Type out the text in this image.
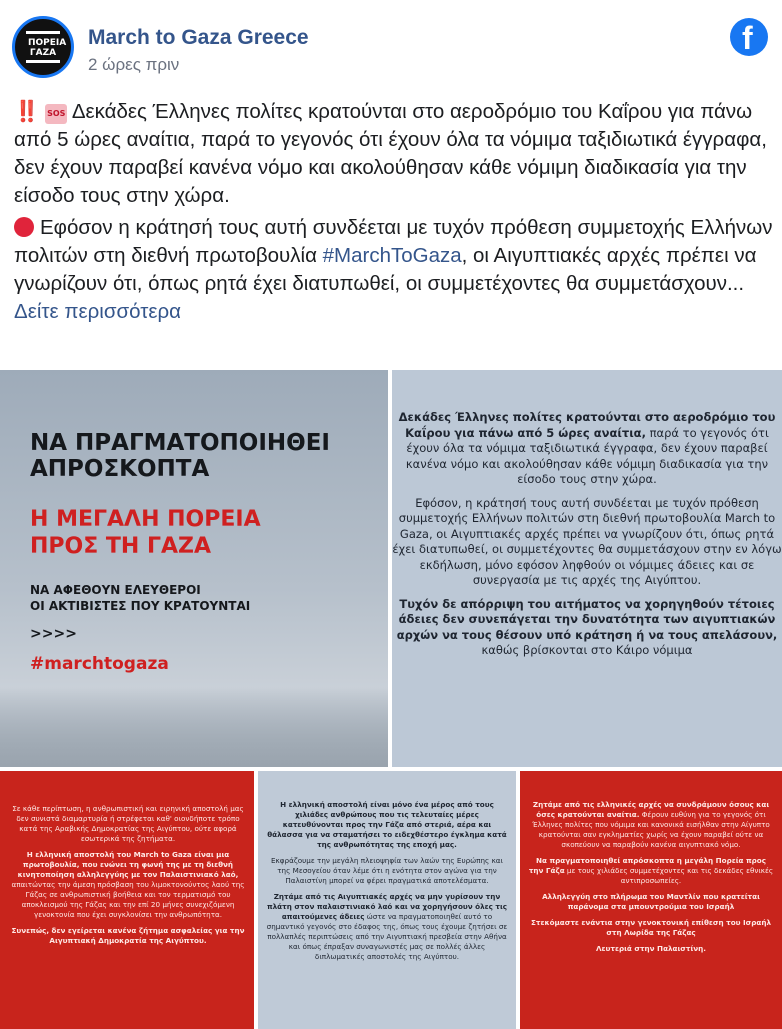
ΠΟΡΕΙΑ ΓΑΖΑ
March to Gaza Greece
2 ώρες πριν
f

‼️ SOS Δεκάδες Έλληνες πολίτες κρατούνται στο αεροδρόμιο του Καΐρου για πάνω από 5 ώρες αναίτια, παρά το γεγονός ότι έχουν όλα τα νόμιμα ταξιδιωτικά έγγραφα, δεν έχουν παραβεί κανένα νόμο και ακολούθησαν κάθε νόμιμη διαδικασία για την είσοδο τους στην χώρα.

Εφόσον η κράτησή τους αυτή συνδέεται με τυχόν πρόθεση συμμετοχής Ελλήνων πολιτών στη διεθνή πρωτοβουλία #MarchToGaza, οι Αιγυπτιακές αρχές πρέπει να γνωρίζουν ότι, όπως ρητά έχει διατυπωθεί, οι συμμετέχοντες θα συμμετάσχουν... Δείτε περισσότερα

ΝΑ ΠΡΑΓΜΑΤΟΠΟΙΗΘΕΙ
ΑΠΡΟΣΚΟΠΤΑ
Η ΜΕΓΑΛΗ ΠΟΡΕΙΑ
ΠΡΟΣ ΤΗ ΓΑΖΑ
ΝΑ ΑΦΕΘΟΥΝ ΕΛΕΥΘΕΡΟΙ
ΟΙ ΑΚΤΙΒΙΣΤΕΣ ΠΟΥ ΚΡΑΤΟΥΝΤΑΙ
>>>>
#marchtogaza

Δεκάδες Έλληνες πολίτες κρατούνται στο αεροδρόμιο του Καΐρου για πάνω από 5 ώρες αναίτια, παρά το γεγονός ότι έχουν όλα τα νόμιμα ταξιδιωτικά έγγραφα, δεν έχουν παραβεί κανένα νόμο και ακολούθησαν κάθε νόμιμη διαδικασία για την είσοδο τους στην χώρα.

Εφόσον, η κράτησή τους αυτή συνδέεται με τυχόν πρόθεση συμμετοχής Ελλήνων πολιτών στη διεθνή πρωτοβουλία March to Gaza, οι Αιγυπτιακές αρχές πρέπει να γνωρίζουν ότι, όπως ρητά έχει διατυπωθεί, οι συμμετέχοντες θα συμμετάσχουν στην εν λόγω εκδήλωση, μόνο εφόσον ληφθούν οι νόμιμες άδειες και σε συνεργασία με τις αρχές της Αιγύπτου.

Τυχόν δε απόρριψη του αιτήματος να χορηγηθούν τέτοιες άδειες δεν συνεπάγεται την δυνατότητα των αιγυπτιακών αρχών να τους θέσουν υπό κράτηση ή να τους απελάσουν, καθώς βρίσκονται στο Κάιρο νόμιμα

Σε κάθε περίπτωση, η ανθρωπιστική και ειρηνική αποστολή μας δεν συνιστά διαμαρτυρία ή στρέφεται καθ' οιονδήποτε τρόπο κατά της Αραβικής Δημοκρατίας της Αιγύπτου, ούτε αφορά εσωτερικά της ζητήματα.

Η ελληνική αποστολή του March to Gaza είναι μια πρωτοβουλία, που ενώνει τη φωνή της με τη διεθνή κινητοποίηση αλληλεγγύης με τον Παλαιστινιακό λαό, απαιτώντας την άμεση πρόσβαση του λιμοκτονούντος λαού της Γάζας σε ανθρωπιστική βοήθεια και τον τερματισμό του αποκλεισμού της Γάζας και την επί 20 μήνες συνεχιζόμενη γενοκτονία που έχει συγκλονίσει την ανθρωπότητα.

Συνεπώς, δεν εγείρεται κανένα ζήτημα ασφαλείας για την Αιγυπτιακή Δημοκρατία της Αιγύπτου.

Η ελληνική αποστολή είναι μόνο ένα μέρος από τους χιλιάδες ανθρώπους που τις τελευταίες μέρες κατευθύνονται προς την Γάζα από στεριά, αέρα και θάλασσα για να σταματήσει το ειδεχθέστερο έγκλημα κατά της ανθρωπότητας της εποχή μας.

Εκφράζουμε την μεγάλη πλειοψηφία των λαών της Ευρώπης και της Μεσογείου όταν λέμε ότι η ενότητα στον αγώνα για την Παλαιστίνη μπορεί να φέρει πραγματικά αποτελέσματα.

Ζητάμε από τις Αιγυπτιακές αρχές να μην γυρίσουν την πλάτη στον παλαιστινιακό λαό και να χορηγήσουν όλες τις απαιτούμενες άδειες ώστε να πραγματοποιηθεί αυτό το σημαντικό γεγονός στο έδαφος της, όπως τους έχουμε ζητήσει σε πολλαπλές περιπτώσεις από την Αιγυπτιακή πρεσβεία στην Αθήνα και όπως έπραξαν συναγωνιστές μας σε πολλές άλλες διπλωματικές αποστολές της Αιγύπτου.

Ζητάμε από τις ελληνικές αρχές να συνδράμουν όσους και όσες κρατούνται αναίτια. Φέρουν ευθύνη για το γεγονός ότι Έλληνες πολίτες που νόμιμα και κανονικά εισήλθαν στην Αίγυπτο κρατούνται σαν εγκληματίες χωρίς να έχουν παραβεί ούτε να σκοπεύουν να παραβούν κανένα αιγυπτιακό νόμο.

Να πραγματοποιηθεί απρόσκοπτα η μεγάλη Πορεία προς την Γάζα με τους χιλιάδες συμμετέχοντες και τις δεκάδες εθνικές αντιπροσωπείες.

Αλληλεγγύη στο πλήρωμα του Μαντλίν που κρατείται παράνομα στα μπουντρούμια του Ισραήλ

Στεκόμαστε ενάντια στην γενοκτονική επίθεση του Ισραήλ στη Λωρίδα της Γάζας

Λευτεριά στην Παλαιστίνη.
